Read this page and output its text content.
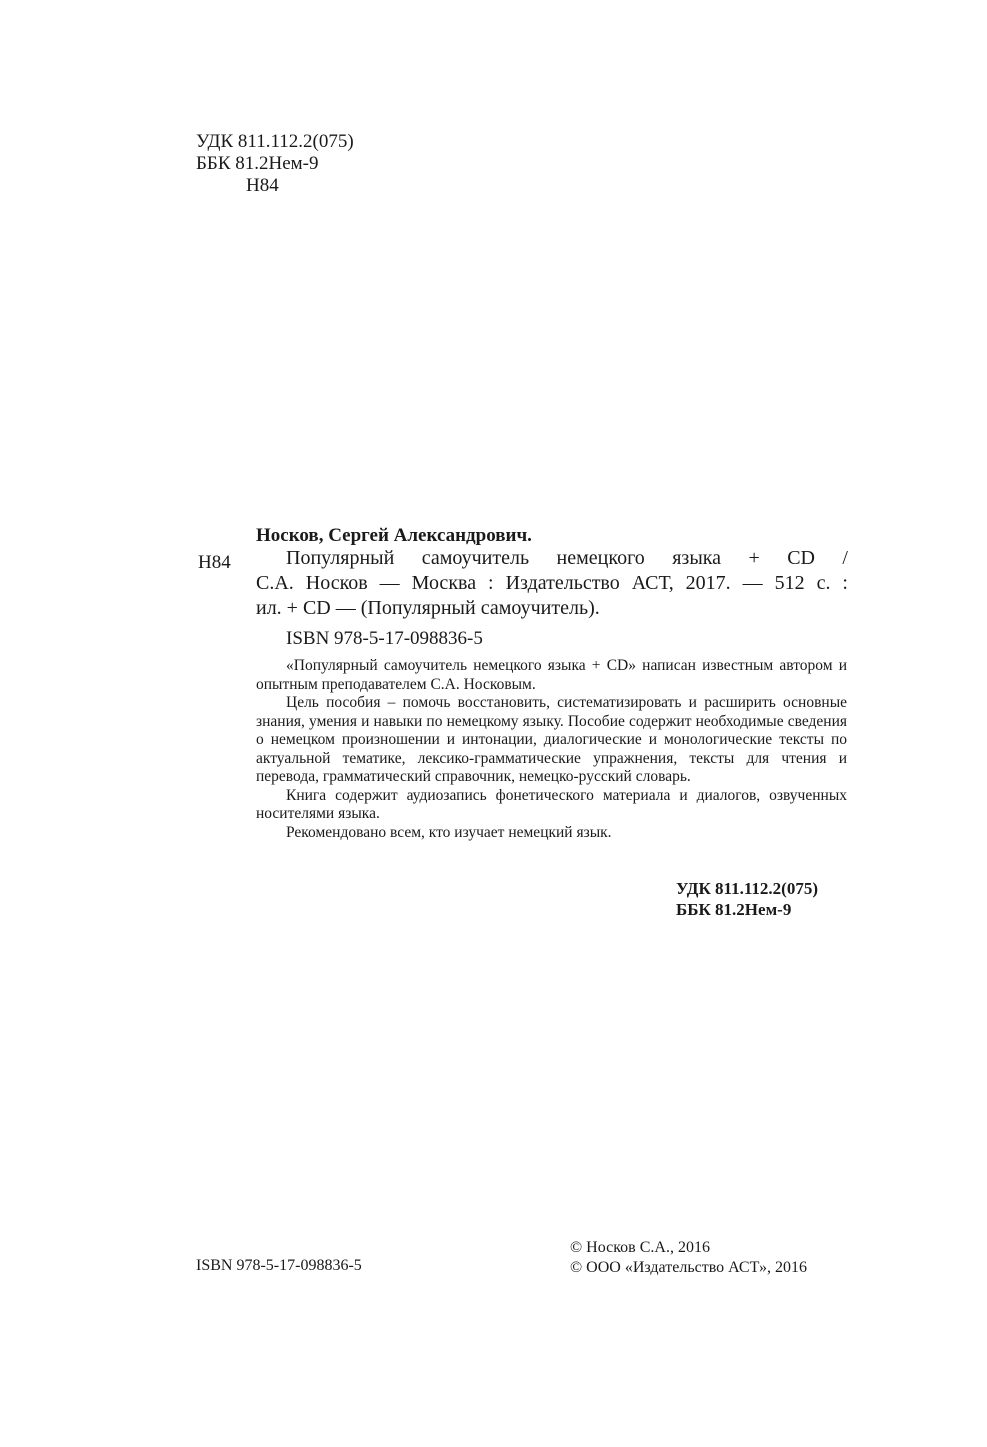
УДК 811.112.2(075)
ББК 81.2Нем-9
Н84
Носков, Сергей Александрович.
Н84	Популярный самоучитель немецкого языка + CD /
С.А. Носков — Москва : Издательство АСТ, 2017. — 512 с. :
ил. + CD — (Популярный самоучитель).
ISBN 978-5-17-098836-5

«Популярный самоучитель немецкого языка + CD» написан известным автором и опытным преподавателем С.А. Носковым.

Цель пособия – помочь восстановить, систематизировать и расширить основные знания, умения и навыки по немецкому языку. Пособие содержит необходимые сведения о немецком произношении и интонации, диалогические и монологические тексты по актуальной тематике, лексико-грамматические упражнения, тексты для чтения и перевода, грамматический справочник, немецко-русский словарь.

Книга содержит аудиозапись фонетического материала и диалогов, озвученных носителями языка.

Рекомендовано всем, кто изучает немецкий язык.

УДК 811.112.2(075)
ББК 81.2Нем-9
ISBN 978-5-17-098836-5
© Носков С.А., 2016
© ООО «Издательство АСТ», 2016
